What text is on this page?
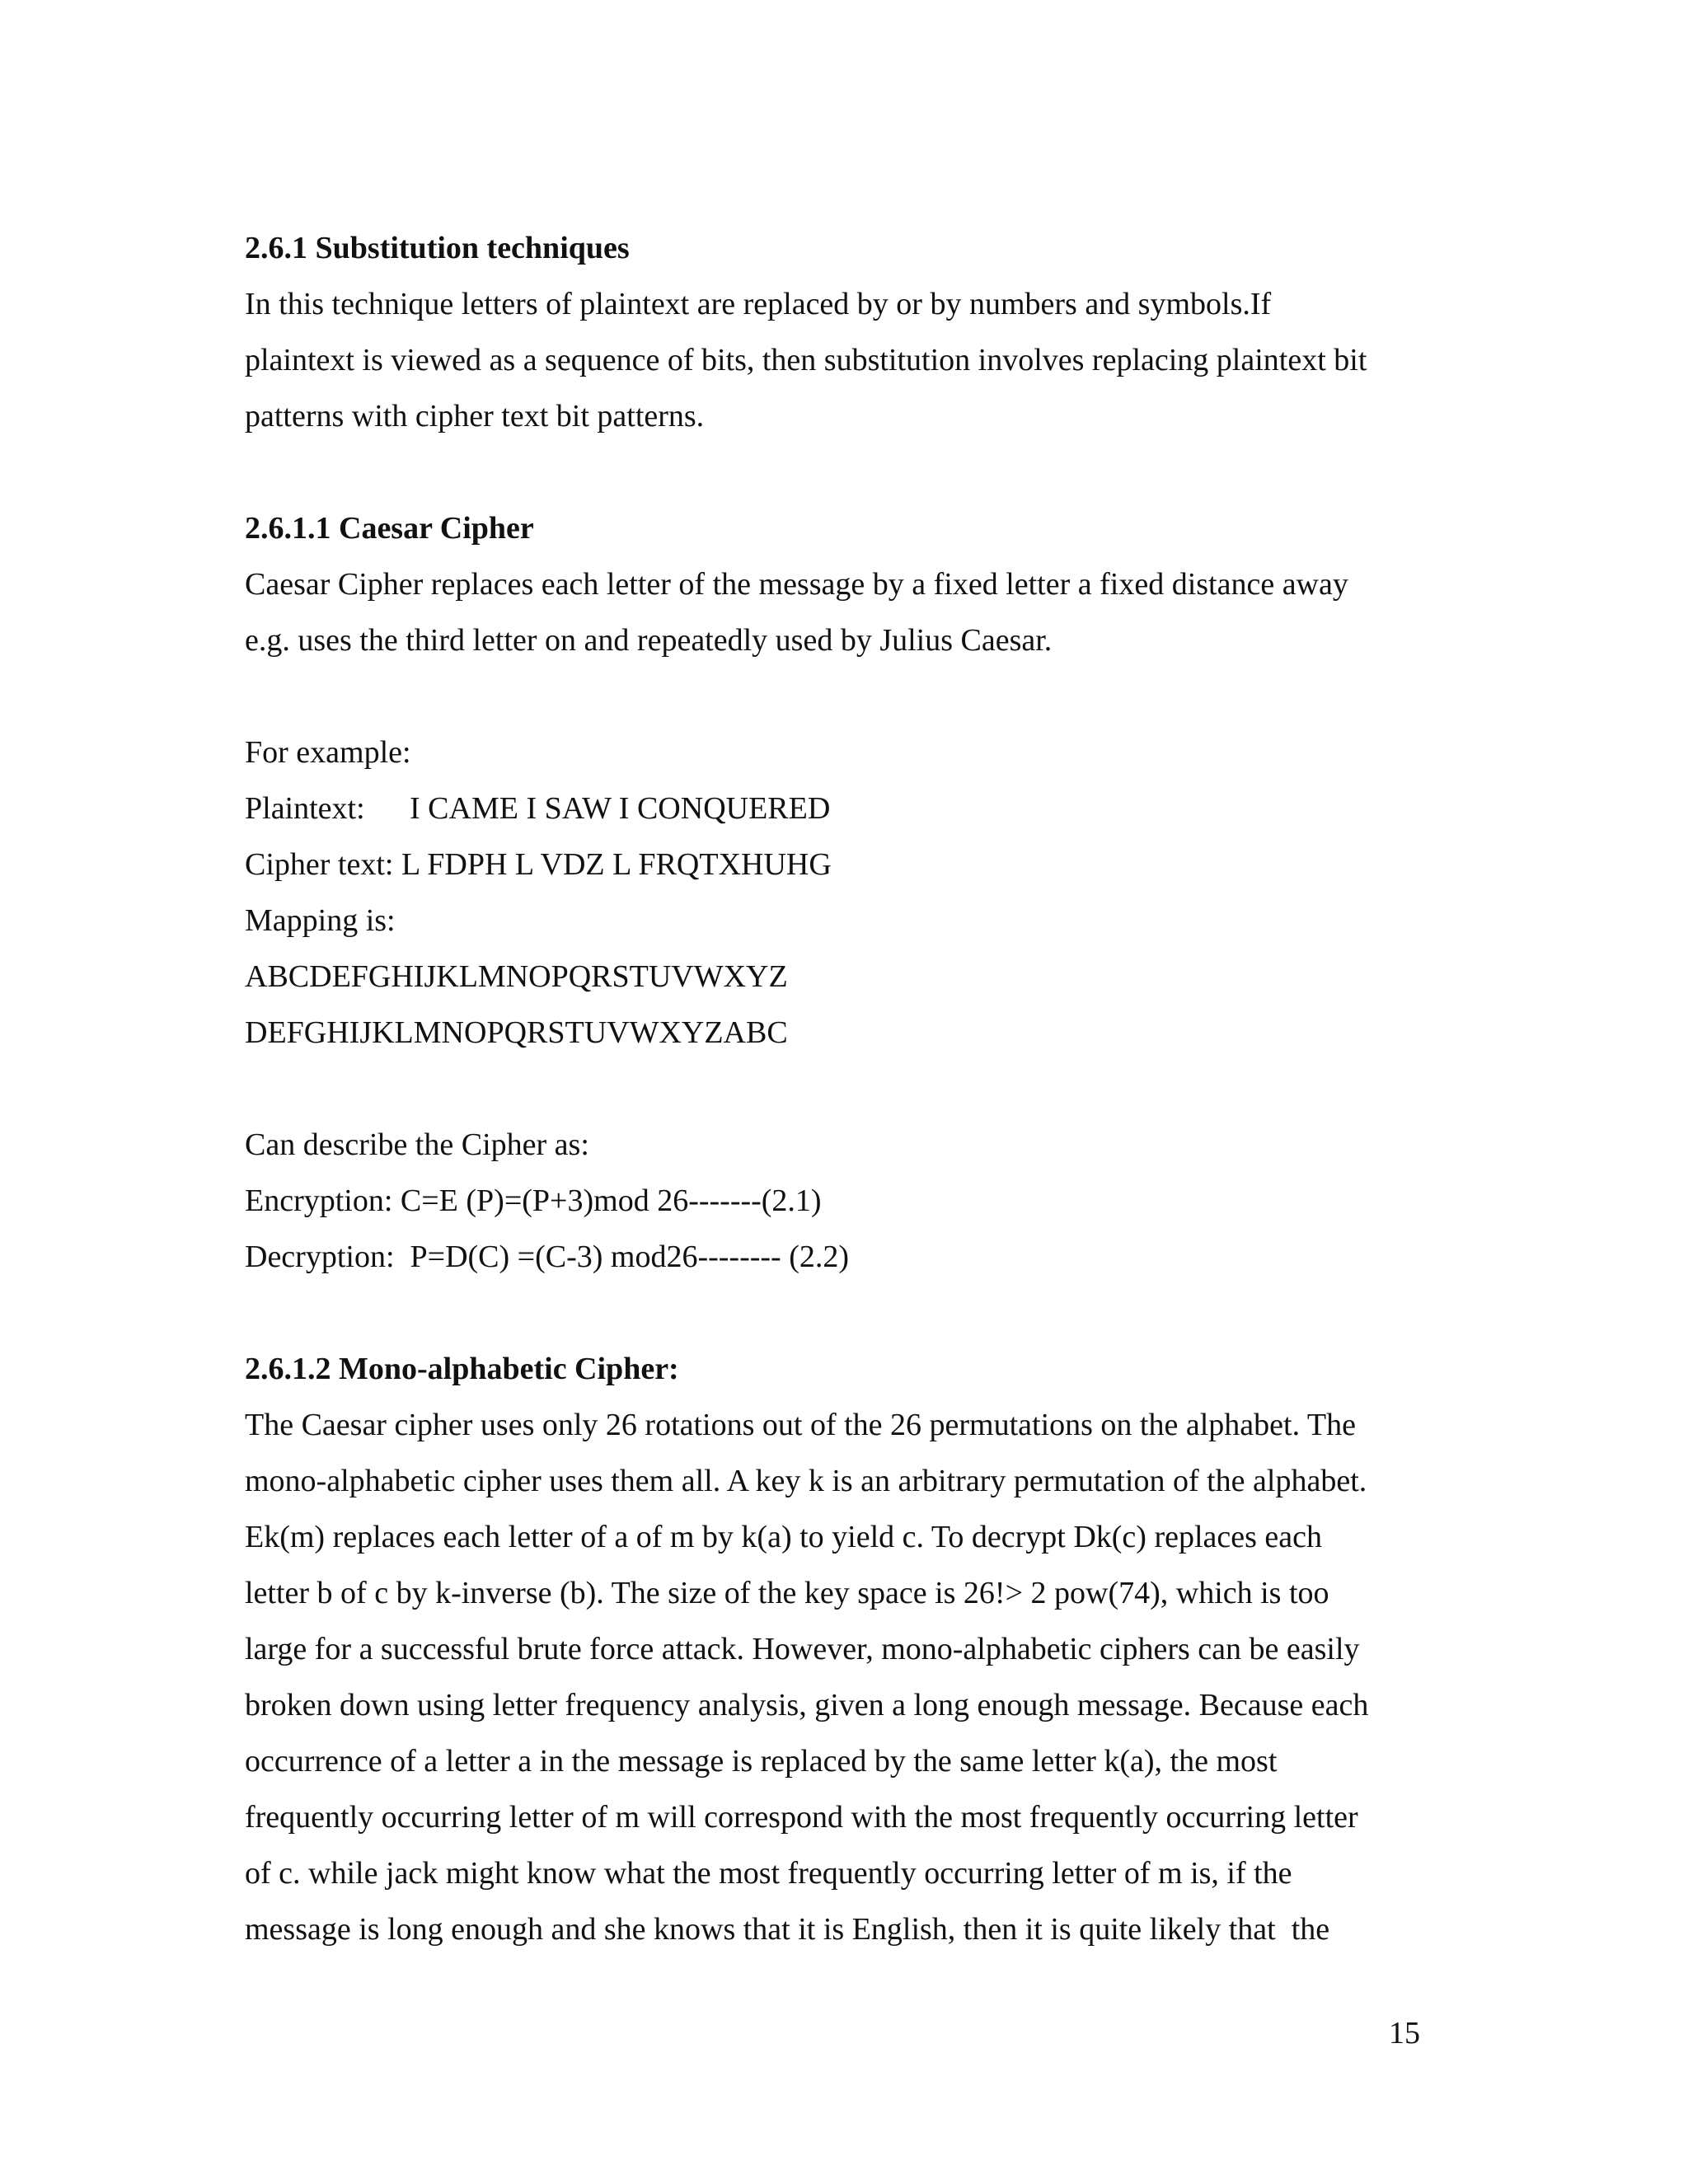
2.6.1 Substitution techniques

In this technique letters of plaintext are replaced by or by numbers and symbols.If

plaintext is viewed as a sequence of bits, then substitution involves replacing plaintext bit

patterns with cipher text bit patterns.

2.6.1.1 Caesar Cipher

Caesar Cipher replaces each letter of the message by a fixed letter a fixed distance away

e.g. uses the third letter on and repeatedly used by Julius Caesar.

For example:

Plaintext: I CAME I SAW I CONQUERED

Cipher text: L FDPH L VDZ L FRQTXHUHG

Mapping is:

ABCDEFGHIJKLMNOPQRSTUVWXYZ

DEFGHIJKLMNOPQRSTUVWXYZABC

Can describe the Cipher as:

Encryption: C=E (P)=(P+3)mod 26-------(2.1)

Decryption:  P=D(C) =(C-3) mod26-------- (2.2)

2.6.1.2 Mono-alphabetic Cipher:

The Caesar cipher uses only 26 rotations out of the 26 permutations on the alphabet. The

mono-alphabetic cipher uses them all. A key k is an arbitrary permutation of the alphabet.

Ek(m) replaces each letter of a of m by k(a) to yield c. To decrypt Dk(c) replaces each

letter b of c by k-inverse (b). The size of the key space is 26!> 2 pow(74), which is too

large for a successful brute force attack. However, mono-alphabetic ciphers can be easily

broken down using letter frequency analysis, given a long enough message. Because each

occurrence of a letter a in the message is replaced by the same letter k(a), the most

frequently occurring letter of m will correspond with the most frequently occurring letter

of c. while jack might know what the most frequently occurring letter of m is, if the

message is long enough and she knows that it is English, then it is quite likely that  the

15
